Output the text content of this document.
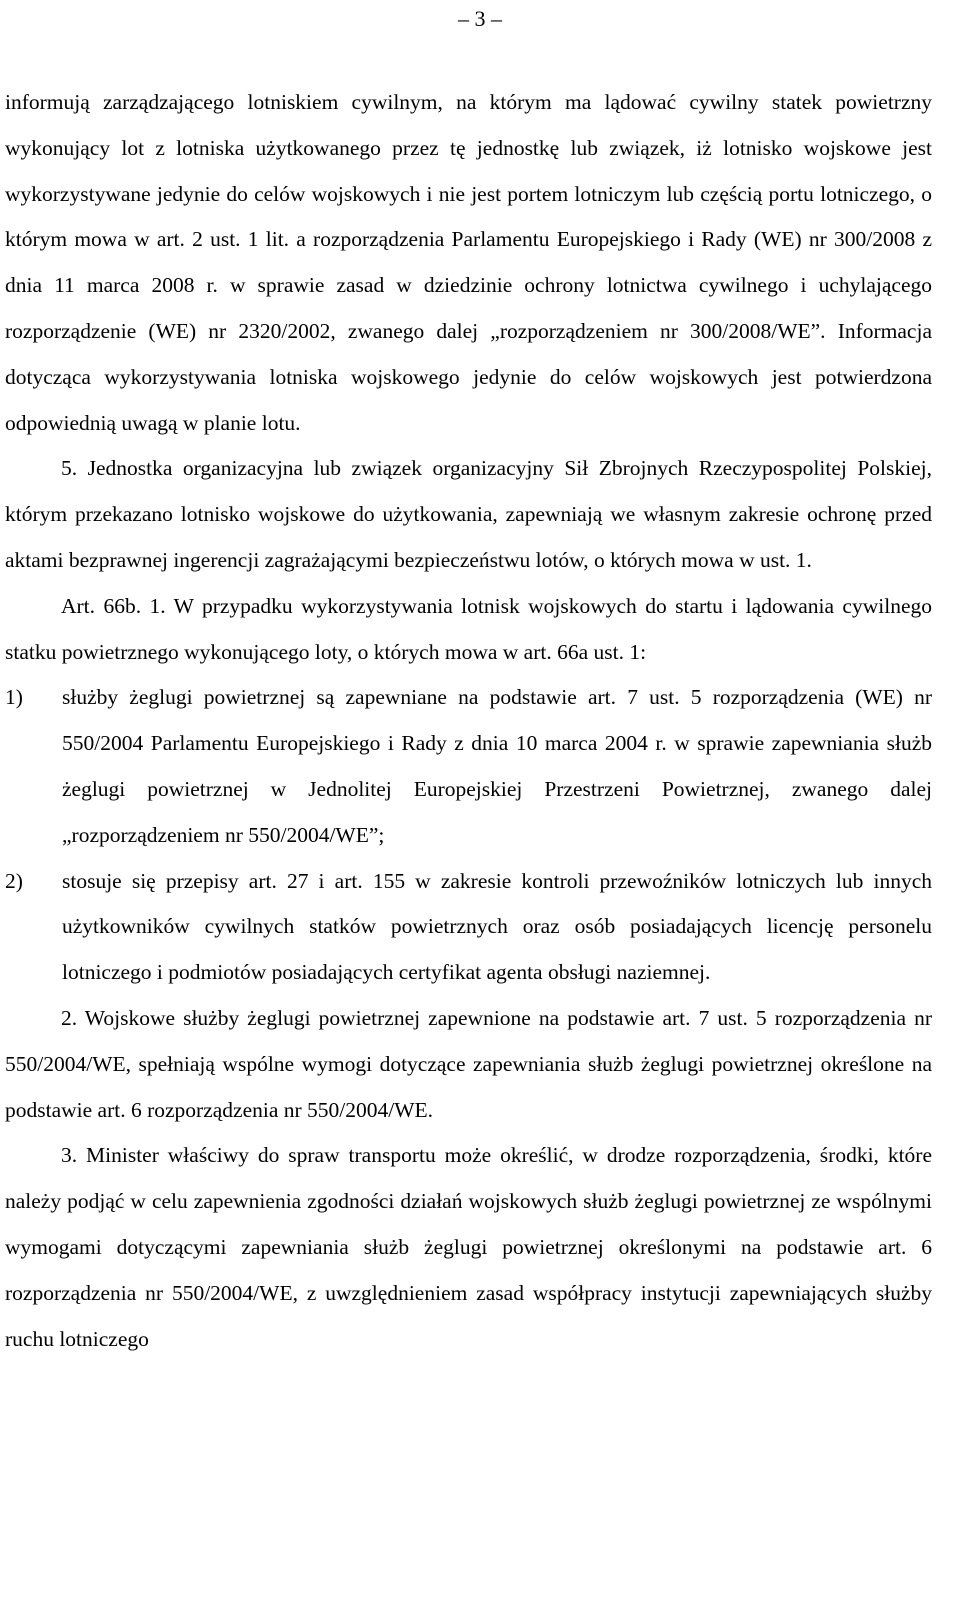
– 3 –

informują zarządzającego lotniskiem cywilnym, na którym ma lądować cywilny statek powietrzny wykonujący lot z lotniska użytkowanego przez tę jednostkę lub związek, iż lotnisko wojskowe jest wykorzystywane jedynie do celów wojskowych i nie jest portem lotniczym lub częścią portu lotniczego, o którym mowa w art. 2 ust. 1 lit. a rozporządzenia Parlamentu Europejskiego i Rady (WE) nr 300/2008 z dnia 11 marca 2008 r. w sprawie zasad w dziedzinie ochrony lotnictwa cywilnego i uchylającego rozporządzenie (WE) nr 2320/2002, zwanego dalej „rozporządzeniem nr 300/2008/WE”. Informacja dotycząca wykorzystywania lotniska wojskowego jedynie do celów wojskowych jest potwierdzona odpowiednią uwagą w planie lotu.

5. Jednostka organizacyjna lub związek organizacyjny Sił Zbrojnych Rzeczypospolitej Polskiej, którym przekazano lotnisko wojskowe do użytkowania, zapewniają we własnym zakresie ochronę przed aktami bezprawnej ingerencji zagrażającymi bezpieczeństwu lotów, o których mowa w ust. 1.

Art. 66b. 1. W przypadku wykorzystywania lotnisk wojskowych do startu i lądowania cywilnego statku powietrznego wykonującego loty, o których mowa w art. 66a ust. 1:

1)	służby żeglugi powietrznej są zapewniane na podstawie art. 7 ust. 5 rozporządzenia (WE) nr 550/2004 Parlamentu Europejskiego i Rady z dnia 10 marca 2004 r. w sprawie zapewniania służb żeglugi powietrznej w Jednolitej Europejskiej Przestrzeni Powietrznej, zwanego dalej „rozporządzeniem nr 550/2004/WE”;
2)	stosuje się przepisy art. 27 i art. 155 w zakresie kontroli przewoźników lotniczych lub innych użytkowników cywilnych statków powietrznych oraz osób posiadających licencję personelu lotniczego i podmiotów posiadających certyfikat agenta obsługi naziemnej.

2. Wojskowe służby żeglugi powietrznej zapewnione na podstawie art. 7 ust. 5 rozporządzenia nr 550/2004/WE, spełniają wspólne wymogi dotyczące zapewniania służb żeglugi powietrznej określone na podstawie art. 6 rozporządzenia nr 550/2004/WE.

3. Minister właściwy do spraw transportu może określić, w drodze rozporządzenia, środki, które należy podjąć w celu zapewnienia zgodności działań wojskowych służb żeglugi powietrznej ze wspólnymi wymogami dotyczącymi zapewniania służb żeglugi powietrznej określonymi na podstawie art. 6 rozporządzenia nr 550/2004/WE, z uwzględnieniem zasad współpracy instytucji zapewniających służby ruchu lotniczego
